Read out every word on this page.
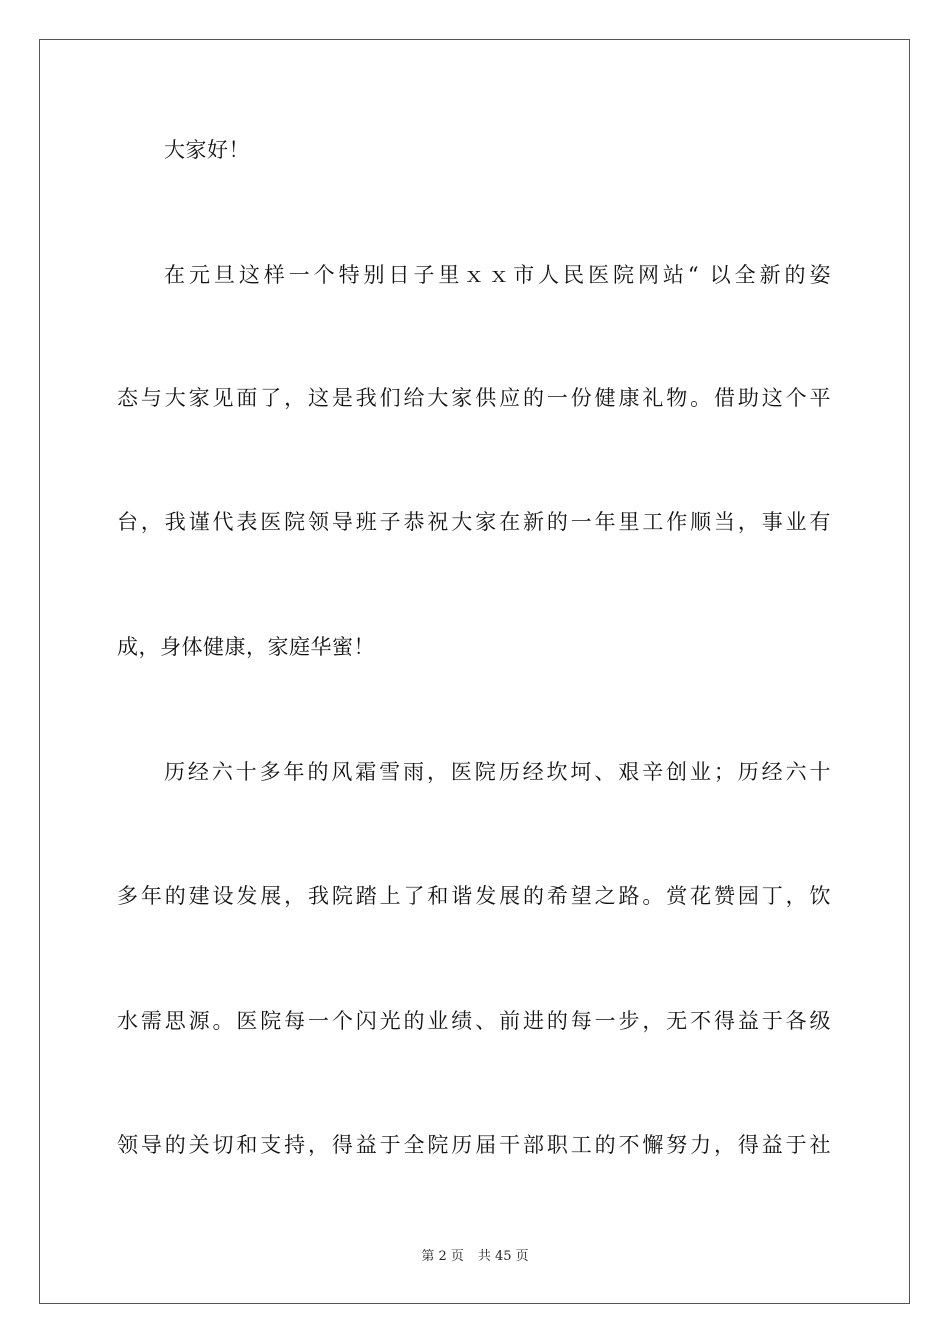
大家好！
在元旦这样一个特别日子里ｘｘ市人民医院网站“ 以全新的姿
态与大家见面了，这是我们给大家供应的一份健康礼物。借助这个平
台，我谨代表医院领导班子恭祝大家在新的一年里工作顺当，事业有
成，身体健康，家庭华蜜！
历经六十多年的风霜雪雨，医院历经坎坷、艰辛创业；历经六十
多年的建设发展，我院踏上了和谐发展的希望之路。赏花赞园丁，饮
水需思源。医院每一个闪光的业绩、前进的每一步，无不得益于各级
领导的关切和支持，得益于全院历届干部职工的不懈努力，得益于社
第 2 页 共 45 页
